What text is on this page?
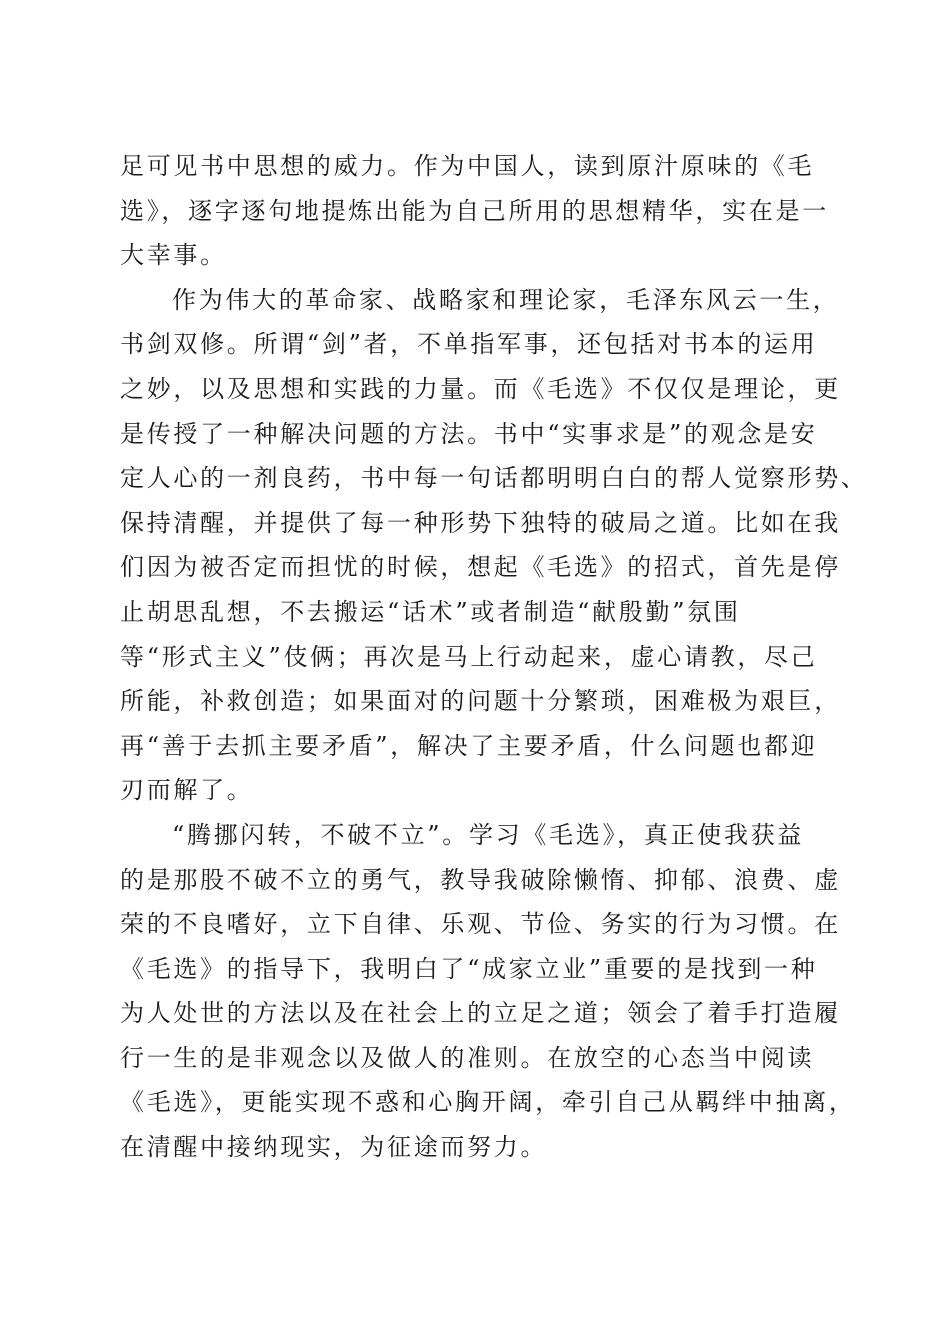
足可见书中思想的威力。作为中国人，读到原汁原味的《毛
选》，逐字逐句地提炼出能为自己所用的思想精华，实在是一
大幸事。
作为伟大的革命家、战略家和理论家，毛泽东风云一生，
书剑双修。所谓“剑”者，不单指军事，还包括对书本的运用
之妙，以及思想和实践的力量。而《毛选》不仅仅是理论，更
是传授了一种解决问题的方法。书中“实事求是”的观念是安
定人心的一剂良药，书中每一句话都明明白白的帮人觉察形势、
保持清醒，并提供了每一种形势下独特的破局之道。比如在我
们因为被否定而担忧的时候，想起《毛选》的招式，首先是停
止胡思乱想，不去搬运“话术”或者制造“献殷勤”氛围
等“形式主义”伎俩；再次是马上行动起来，虚心请教，尽己
所能，补救创造；如果面对的问题十分繁琐，困难极为艰巨，
再“善于去抓主要矛盾”，解决了主要矛盾，什么问题也都迎
刃而解了。
“腾挪闪转，不破不立”。学习《毛选》，真正使我获益
的是那股不破不立的勇气，教导我破除懒惰、抑郁、浪费、虚
荣的不良嗜好，立下自律、乐观、节俭、务实的行为习惯。在
《毛选》的指导下，我明白了“成家立业”重要的是找到一种
为人处世的方法以及在社会上的立足之道；领会了着手打造履
行一生的是非观念以及做人的准则。在放空的心态当中阅读
《毛选》，更能实现不惑和心胸开阔，牵引自己从羁绊中抽离，
在清醒中接纳现实，为征途而努力。
